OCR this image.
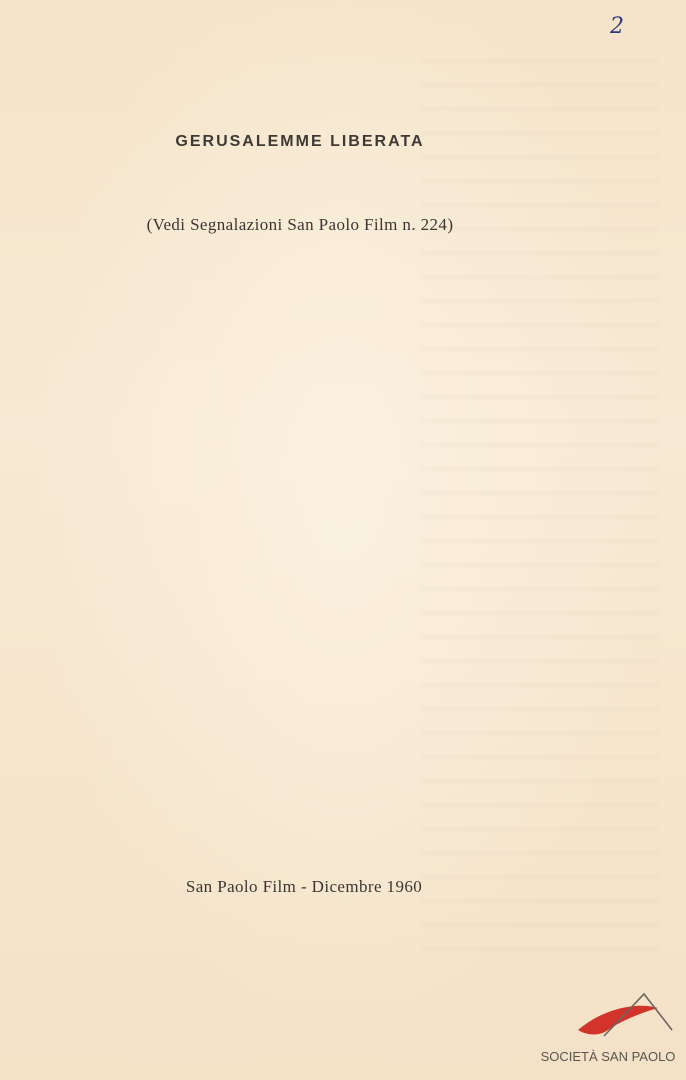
2
GERUSALEMME LIBERATA
(Vedi Segnalazioni San Paolo Film n. 224)
San Paolo Film - Dicembre 1960
SOCIETÀ SAN PAOLO
